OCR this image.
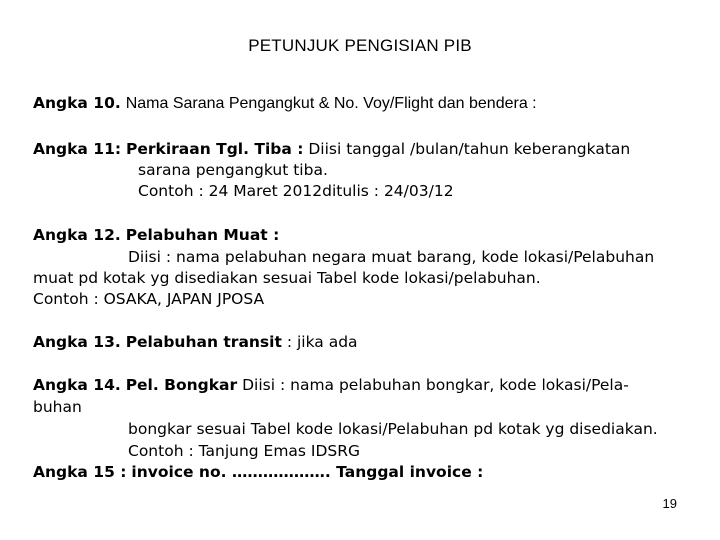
PETUNJUK PENGISIAN PIB
Angka 10. Nama Sarana Pengangkut & No. Voy/Flight dan bendera :
Angka 11: Perkiraan Tgl. Tiba : Diisi tanggal /bulan/tahun keberangkatan
sarana pengangkut tiba.
Contoh : 24 Maret 2012ditulis : 24/03/12
Angka 12. Pelabuhan Muat :
Diisi : nama pelabuhan negara muat barang, kode lokasi/Pelabuhan
muat pd kotak yg disediakan sesuai Tabel kode lokasi/pelabuhan.
Contoh : OSAKA, JAPAN JPOSA
Angka 13. Pelabuhan transit : jika ada
Angka 14. Pel. Bongkar Diisi : nama pelabuhan bongkar, kode lokasi/Pela-
buhan
bongkar sesuai Tabel kode lokasi/Pelabuhan pd kotak yg disediakan.
Contoh : Tanjung Emas IDSRG
Angka 15 : invoice no. ………………. Tanggal invoice :
19
